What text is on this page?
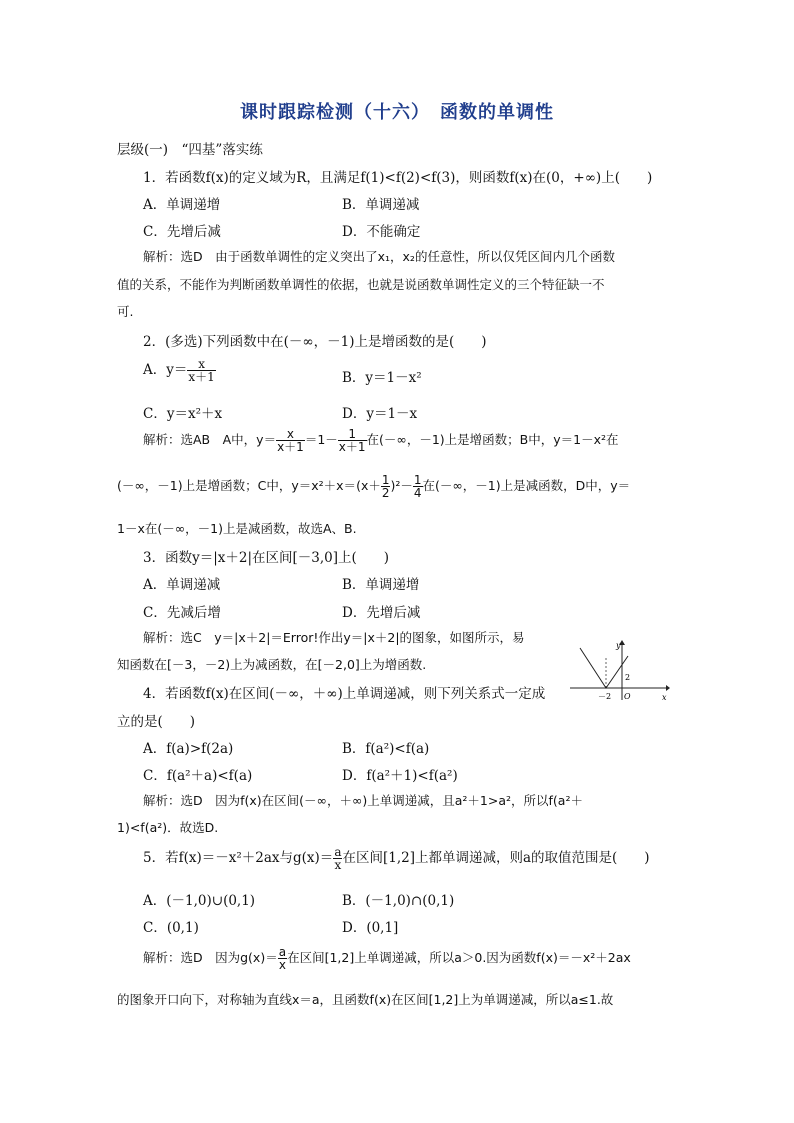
课时跟踪检测（十六）　函数的单调性
层级(一)　“四基”落实练
1．若函数f(x)的定义域为R，且满足f(1)<f(2)<f(3)，则函数f(x)在(0，+∞)上(　　)
A．单调递增	B．单调递减
C．先增后减	D．不能确定
解析：选D　由于函数单调性的定义突出了x₁，x₂的任意性，所以仅凭区间内几个函数
值的关系，不能作为判断函数单调性的依据，也就是说函数单调性定义的三个特征缺一不
可.
2．(多选)下列函数中在(－∞，－1)上是增函数的是(　　)
A．$y= \frac{x}{x+1}$	B．y＝1－x²
C．y＝x²＋x	D．y＝1－x
解析：选AB　A中，$y= \frac{x}{x+1} =1- \frac{1}{x+1}$ 在(－∞，－1)上是增函数；B中，y＝1－x²在
(－∞，－1)上是增函数；C中，$y=x^2+x=(x+ \frac{1}{2} )^2- \frac{1}{4}$ 在(－∞，－1)上是减函数，D中，y＝
1－x在(－∞，－1)上是减函数，故选A、B.
3．函数y＝|x＋2|在区间[－3,0]上(　　)
A．单调递减	B．单调递增
C．先减后增	D．先增后减
解析：选C　y＝|x＋2|＝Error!作出y＝|x＋2|的图象，如图所示，易
知函数在[－3，－2)上为减函数，在[－2,0]上为增函数.
y
x
2
－2 O
4．若函数f(x)在区间(－∞，＋∞)上单调递减，则下列关系式一定成
立的是(　　)
A．f(a)>f(2a)	B．f(a²)<f(a)
C．f(a²＋a)<f(a)	D．f(a²＋1)<f(a²)
解析：选D　因为f(x)在区间(－∞，＋∞)上单调递减，且a²＋1>a²，所以f(a²＋
1)<f(a²)．故选D.
5．若f(x)＝－x²＋2ax与$g(x)= \frac{a}{x}$ 在区间[1,2]上都单调递减，则a的取值范围是(　　)
A．(－1,0)∪(0,1)	B．(－1,0)∩(0,1)
C．(0,1)	D．(0,1]
解析：选D　因为$g(x)= \frac{a}{x}$ 在区间[1,2]上单调递减，所以a＞0.因为函数f(x)＝－x²＋2ax
的图象开口向下，对称轴为直线x＝a，且函数f(x)在区间[1,2]上为单调递减，所以a≤1.故
